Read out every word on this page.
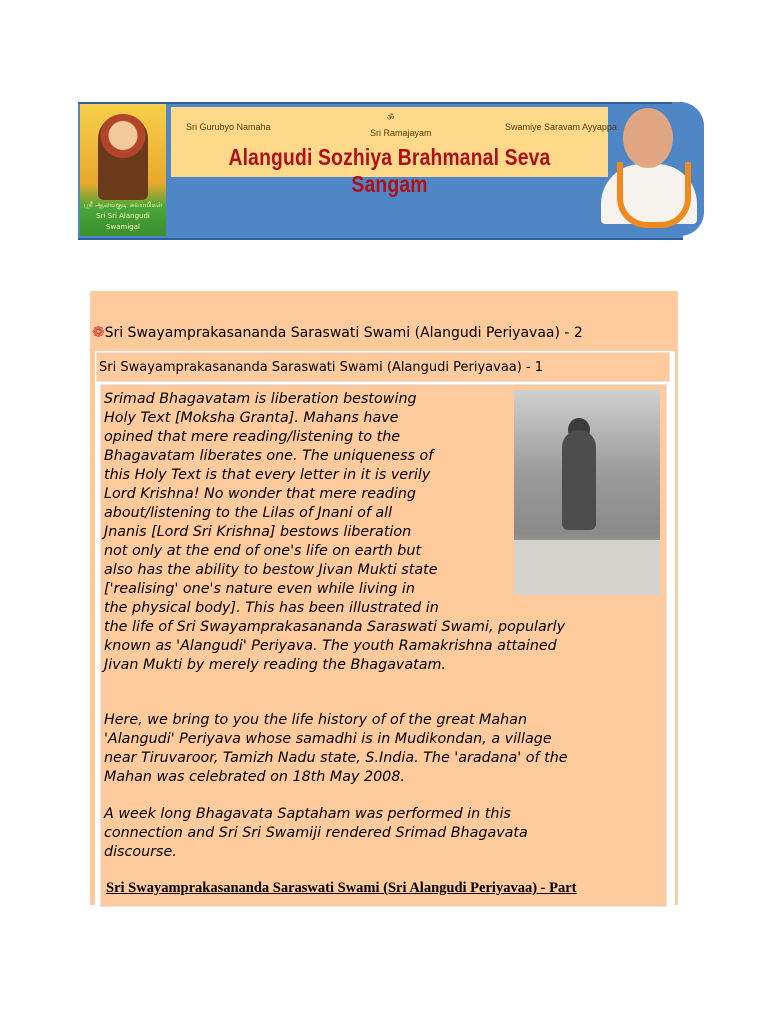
ஸ்ரீ ஆலங்குடி சுவாமிகள்
Sri Sri Alangudi Swamigal
Sri Gurubyo Namaha
ॐ
Sri Ramajayam
Swamiye Saravam Ayyappa
Alangudi Sozhiya Brahmanal Seva Sangam
❁Sri Swayamprakasananda Saraswati Swami (Alangudi Periyavaa) - 2
Sri Swayamprakasananda Saraswati Swami (Alangudi Periyavaa) - 1
Srimad Bhagavatam is liberation bestowing
Holy Text [Moksha Granta]. Mahans have
opined that mere reading/listening to the
Bhagavatam liberates one. The uniqueness of
this Holy Text is that every letter in it is verily
Lord Krishna! No wonder that mere reading
about/listening to the Lilas of Jnani of all
Jnanis [Lord Sri Krishna] bestows liberation
not only at the end of one's life on earth but
also has the ability to bestow Jivan Mukti state
['realising' one's nature even while living in
the physical body]. This has been illustrated in
the life of Sri Swayamprakasananda Saraswati Swami, popularly
known as 'Alangudi' Periyava. The youth Ramakrishna attained
Jivan Mukti by merely reading the Bhagavatam.
Here, we bring to you the life history of of the great Mahan
'Alangudi' Periyava whose samadhi is in Mudikondan, a village
near Tiruvaroor, Tamizh Nadu state, S.India. The 'aradana' of the
Mahan was celebrated on 18th May 2008.
A week long Bhagavata Saptaham was performed in this
connection and Sri Sri Swamiji rendered Srimad Bhagavata
discourse.
Sri Swayamprakasananda Saraswati Swami (Sri Alangudi Periyavaa) - Part
